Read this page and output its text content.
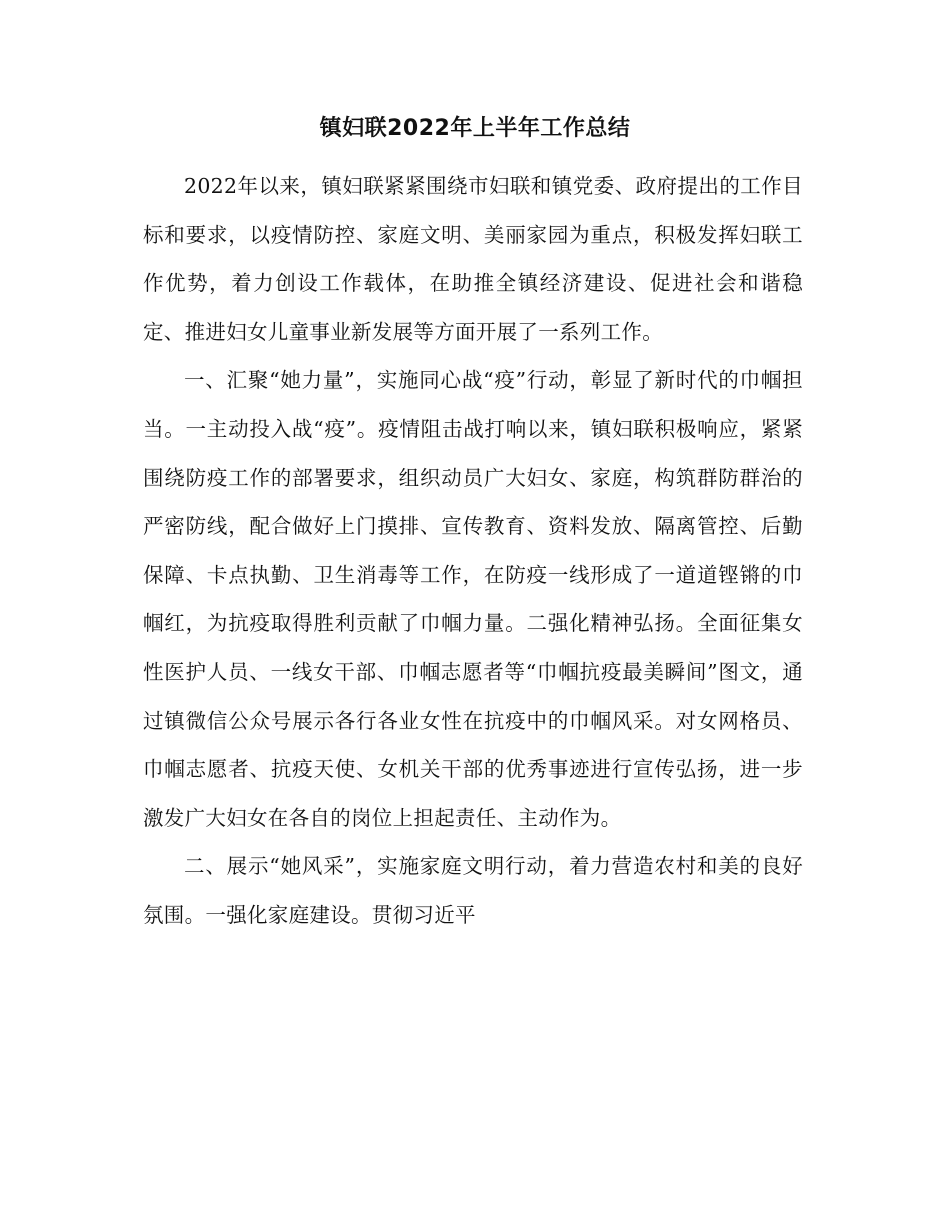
镇妇联2022年上半年工作总结

2022年以来，镇妇联紧紧围绕市妇联和镇党委、政府提出的工作目标和要求，以疫情防控、家庭文明、美丽家园为重点，积极发挥妇联工作优势，着力创设工作载体，在助推全镇经济建设、促进社会和谐稳定、推进妇女儿童事业新发展等方面开展了一系列工作。

一、汇聚“她力量”，实施同心战“疫”行动，彰显了新时代的巾帼担当。一主动投入战“疫”。疫情阻击战打响以来，镇妇联积极响应，紧紧围绕防疫工作的部署要求，组织动员广大妇女、家庭，构筑群防群治的严密防线，配合做好上门摸排、宣传教育、资料发放、隔离管控、后勤保障、卡点执勤、卫生消毒等工作，在防疫一线形成了一道道铿锵的巾帼红，为抗疫取得胜利贡献了巾帼力量。二强化精神弘扬。全面征集女性医护人员、一线女干部、巾帼志愿者等“巾帼抗疫最美瞬间”图文，通过镇微信公众号展示各行各业女性在抗疫中的巾帼风采。对女网格员、巾帼志愿者、抗疫天使、女机关干部的优秀事迹进行宣传弘扬，进一步激发广大妇女在各自的岗位上担起责任、主动作为。

二、展示“她风采”，实施家庭文明行动，着力营造农村和美的良好氛围。一强化家庭建设。贯彻习近平
